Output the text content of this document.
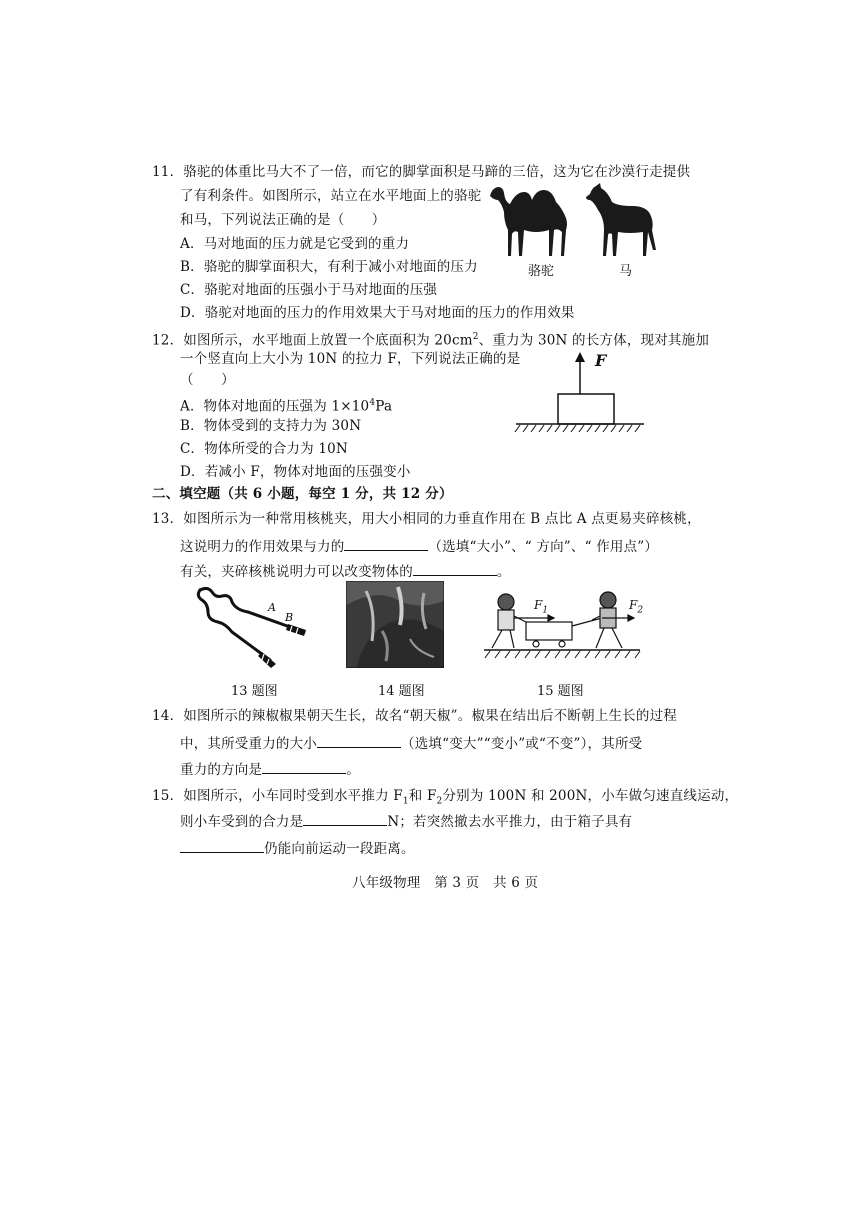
11．骆驼的体重比马大不了一倍，而它的脚掌面积是马蹄的三倍，这为它在沙漠行走提供
了有利条件。如图所示，站立在水平地面上的骆驼
和马，下列说法正确的是（　　）
A．马对地面的压力就是它受到的重力
B．骆驼的脚掌面积大，有利于减小对地面的压力
C．骆驼对地面的压强小于马对地面的压强
D．骆驼对地面的压力的作用效果大于马对地面的压力的作用效果
骆驼	马
12．如图所示，水平地面上放置一个底面积为 $20cm^2$、重力为 30N 的长方体，现对其施加
一个竖直向上大小为 10N 的拉力 F，下列说法正确的是
（　　）
A．物体对地面的压强为 $1\times 10^4Pa$
B．物体受到的支持力为 30N
C．物体所受的合力为 10N
D．若减小 F，物体对地面的压强变小
F
二、填空题（共 6 小题，每空 1 分，共 12 分）
13．如图所示为一种常用核桃夹，用大小相同的力垂直作用在 B 点比 A 点更易夹碎核桃，
这说明力的作用效果与力的	（选填“大小”、“ 方向”、“ 作用点”）
有关，夹碎核桃说明力可以改变物体的	。
A
B
$F_1$	$F_2$
13 题图	14 题图	15 题图
14．如图所示的辣椒椒果朝天生长，故名“朝天椒”。椒果在结出后不断朝上生长的过程
中，其所受重力的大小	（选填“变大”“变小”或“不变”），其所受
重力的方向是	。
15．如图所示，小车同时受到水平推力 $F_1$和 $F_2$分别为 100N 和 200N，小车做匀速直线运动，
则小车受到的合力是	N；若突然撤去水平推力，由于箱子具有
仍能向前运动一段距离。
八年级物理　第 3 页　共 6 页
